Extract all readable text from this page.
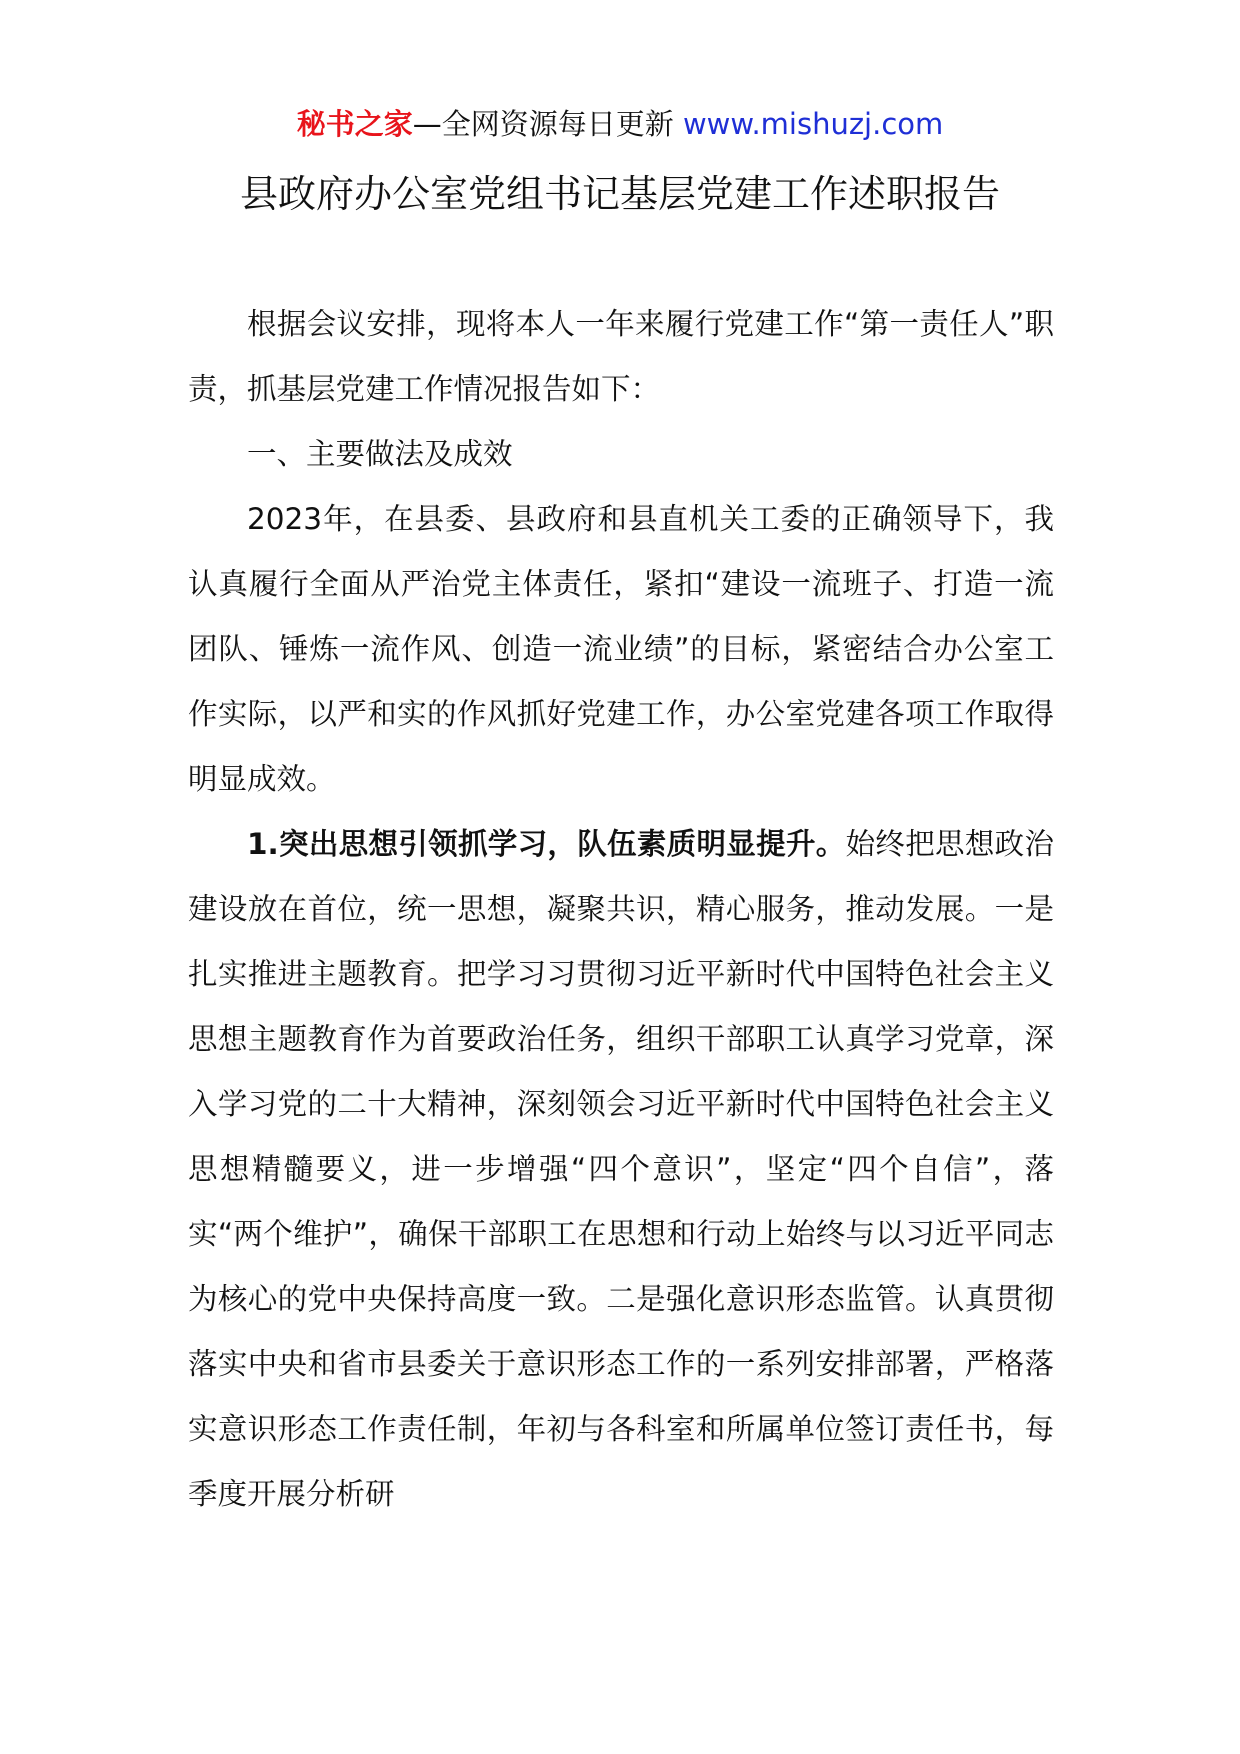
秘书之家—全网资源每日更新 www.mishuzj.com
县政府办公室党组书记基层党建工作述职报告

根据会议安排，现将本人一年来履行党建工作“第一责任人”职责，抓基层党建工作情况报告如下：

一、主要做法及成效

2023年，在县委、县政府和县直机关工委的正确领导下，我认真履行全面从严治党主体责任，紧扣“建设一流班子、打造一流团队、锤炼一流作风、创造一流业绩”的目标，紧密结合办公室工作实际，以严和实的作风抓好党建工作，办公室党建各项工作取得明显成效。

1.突出思想引领抓学习，队伍素质明显提升。始终把思想政治建设放在首位，统一思想，凝聚共识，精心服务，推动发展。一是扎实推进主题教育。把学习习贯彻习近平新时代中国特色社会主义思想主题教育作为首要政治任务，组织干部职工认真学习党章，深入学习党的二十大精神，深刻领会习近平新时代中国特色社会主义思想精髓要义，进一步增强“四个意识”，坚定“四个自信”，落实“两个维护”，确保干部职工在思想和行动上始终与以习近平同志为核心的党中央保持高度一致。二是强化意识形态监管。认真贯彻落实中央和省市县委关于意识形态工作的一系列安排部署，严格落实意识形态工作责任制，年初与各科室和所属单位签订责任书，每季度开展分析研
